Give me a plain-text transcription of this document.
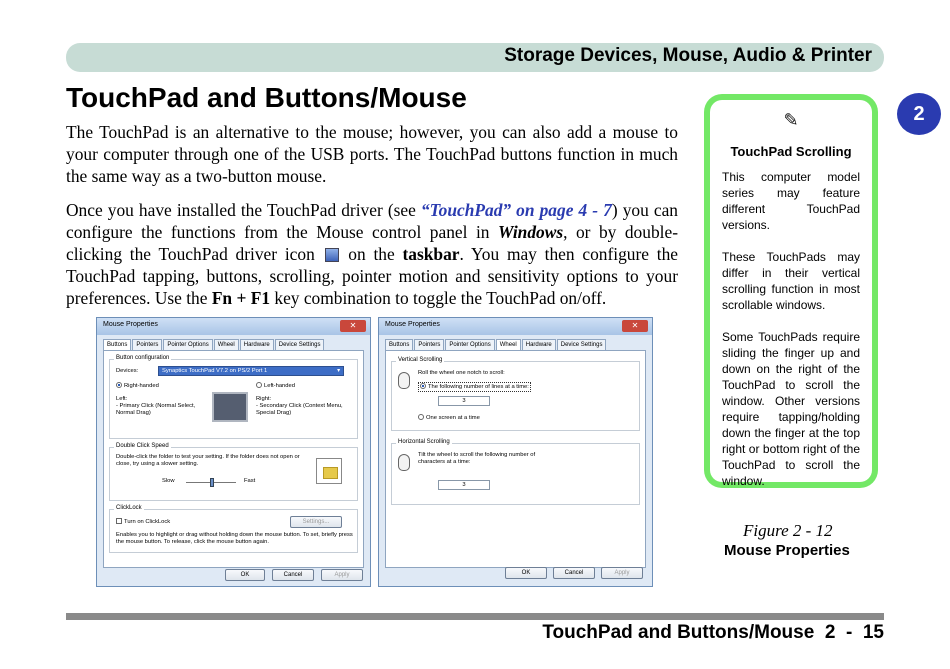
Storage Devices, Mouse, Audio & Printer
2
TouchPad and Buttons/Mouse
The TouchPad is an alternative to the mouse; however, you can also add a mouse to your computer through one of the USB ports. The TouchPad buttons function in much the same way as a two-button mouse.
Once you have installed the TouchPad driver (see “TouchPad” on page 4 - 7) you can configure the functions from the Mouse control panel in Windows, or by double-clicking the TouchPad driver icon  on the taskbar. You may then configure the TouchPad tapping, buttons, scrolling, pointer motion and sensitivity options to your preferences. Use the Fn + F1 key combination to toggle the TouchPad on/off.
Mouse Properties	✕
Buttons	Pointers	Pointer Options	Wheel	Hardware	Device Settings
Button configuration
Devices:	Synaptics TouchPad V7.2 on PS/2 Port 1	▾
Right-handed	Left-handed
Left:
- Primary Click (Normal Select, Normal Drag)
Right:
- Secondary Click (Context Menu, Special Drag)
Double Click Speed
Double-click the folder to test your setting. If the folder does not open or close, try using a slower setting.
Slow	Fast
ClickLock
Turn on ClickLock	Settings...
Enables you to highlight or drag without holding down the mouse button. To set, briefly press the mouse button. To release, click the mouse button again.
OK	Cancel	Apply
Mouse Properties	✕
Buttons	Pointers	Pointer Options	Wheel	Hardware	Device Settings
Vertical Scrolling
Roll the wheel one notch to scroll:
The following number of lines at a time:
3
One screen at a time
Horizontal Scrolling
Tilt the wheel to scroll the following number of characters at a time:
3
OK	Cancel	Apply
✎
TouchPad Scrolling
This computer model series may feature different TouchPad versions.
These TouchPads may differ in their vertical scrolling function in most scrollable windows.
Some TouchPads require sliding the finger up and down on the right of the TouchPad to scroll the window. Other versions require tapping/holding down the finger at the top right or bottom right of the TouchPad to scroll the window.
Figure 2 - 12
Mouse Properties
TouchPad and Buttons/Mouse  2  -  15
